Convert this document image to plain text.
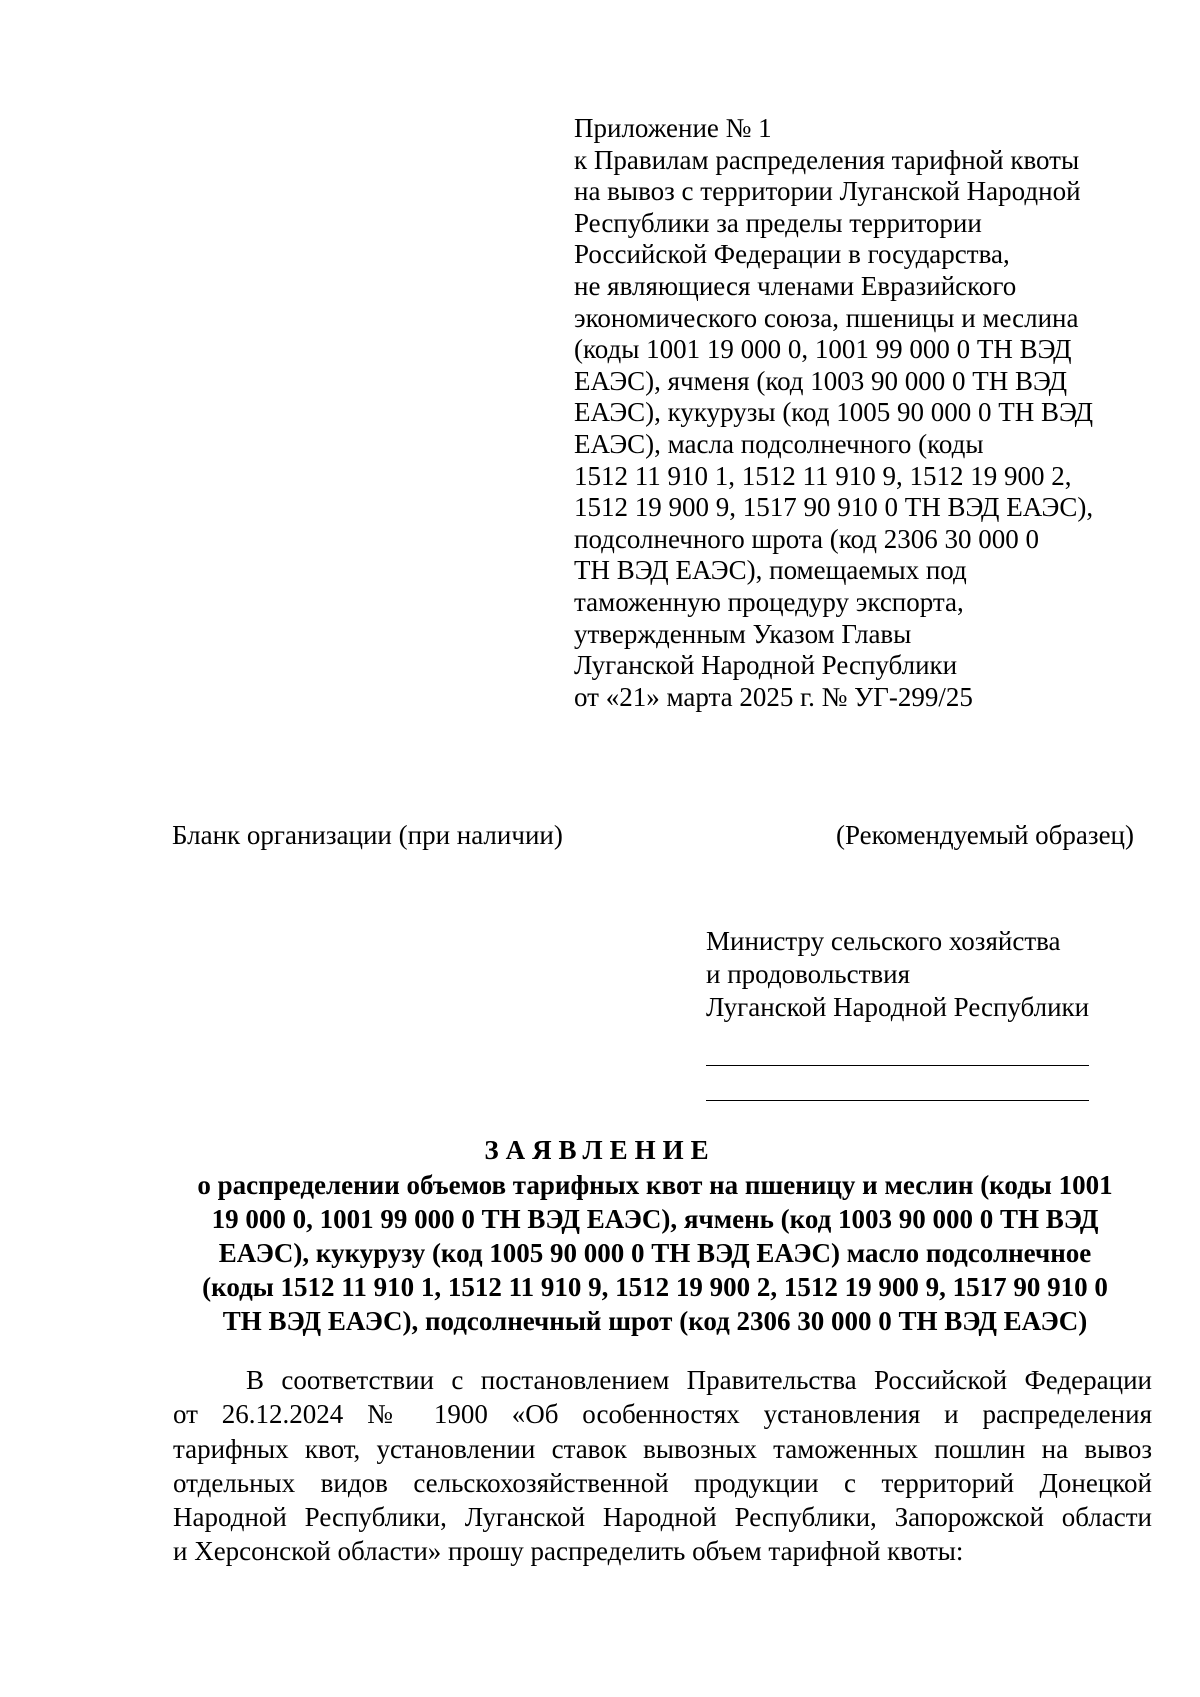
Приложение № 1
к Правилам распределения тарифной квоты
на вывоз с территории Луганской Народной
Республики за пределы территории
Российской Федерации в государства,
не являющиеся членами Евразийского
экономического союза, пшеницы и меслина
(коды 1001 19 000 0, 1001 99 000 0 ТН ВЭД
ЕАЭС), ячменя (код 1003 90 000 0 ТН ВЭД
ЕАЭС), кукурузы (код 1005 90 000 0 ТН ВЭД
ЕАЭС), масла подсолнечного (коды
1512 11 910 1, 1512 11 910 9, 1512 19 900 2,
1512 19 900 9, 1517 90 910 0 ТН ВЭД ЕАЭС),
подсолнечного шрота (код 2306 30 000 0
ТН ВЭД ЕАЭС), помещаемых под
таможенную процедуру экспорта,
утвержденным Указом Главы
Луганской Народной Республики
от «21» марта 2025 г. № УГ-299/25
Бланк организации (при наличии)	(Рекомендуемый образец)
Министру сельского хозяйства
и продовольствия
Луганской Народной Республики
ЗАЯВЛЕНИЕ
о распределении объемов тарифных квот на пшеницу и меслин (коды 1001
19 000 0, 1001 99 000 0 ТН ВЭД ЕАЭС), ячмень (код 1003 90 000 0 ТН ВЭД
ЕАЭС), кукурузу (код 1005 90 000 0 ТН ВЭД ЕАЭС) масло подсолнечное
(коды 1512 11 910 1, 1512 11 910 9, 1512 19 900 2, 1512 19 900 9, 1517 90 910 0
ТН ВЭД ЕАЭС), подсолнечный шрот (код 2306 30 000 0 ТН ВЭД ЕАЭС)
В соответствии с постановлением Правительства Российской Федерации
от 26.12.2024 № 1900 «Об особенностях установления и распределения
тарифных квот, установлении ставок вывозных таможенных пошлин на вывоз
отдельных видов сельскохозяйственной продукции с территорий Донецкой
Народной Республики, Луганской Народной Республики, Запорожской области
и Херсонской области» прошу распределить объем тарифной квоты:
